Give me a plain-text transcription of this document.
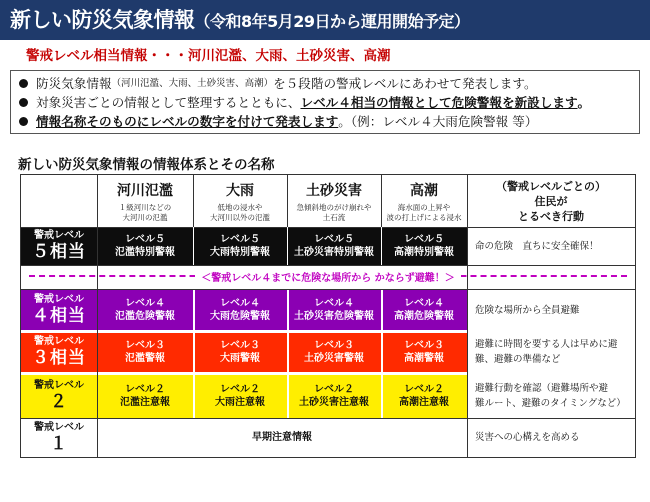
新しい防災気象情報（令和8年5月29日から運用開始予定）
警戒レベル相当情報・・・河川氾濫、大雨、土砂災害、高潮
防災気象情報 （河川氾濫、大雨、土砂災害、高潮） を５段階の警戒レベルにあわせて発表します。
対象災害ごとの情報として整理するとともに、 レベル４相当の情報として危険警報を新設します 。
情報名称そのものにレベルの数字を付けて発表します 。（例：レベル４大雨危険警報 等）
新しい防災気象情報の情報体系とその名称
河川氾濫
１級河川などの
大河川の氾濫
大雨
低地の浸水や
大河川以外の氾濫
土砂災害
急傾斜地のがけ崩れや
土石流
高潮
海水面の上昇や
波の打上げによる浸水
（警戒レベルごとの）
住民が
とるべき行動
警戒レベル
５相当
レベル５
氾濫特別警報
レベル５
大雨特別警報
レベル５
土砂災害特別警報
レベル５
高潮特別警報
命の危険　直ちに安全確保！
＜警戒レベル４までに危険な場所から かならず避難！＞
警戒レベル
４相当
レベル４
氾濫危険警報
レベル４
大雨危険警報
レベル４
土砂災害危険警報
レベル４
高潮危険警報
危険な場所から全員避難
警戒レベル
３相当
レベル３
氾濫警報
レベル３
大雨警報
レベル３
土砂災害警報
レベル３
高潮警報
避難に時間を要する人は早めに避
難、避難の準備など
警戒レベル
２
レベル２
氾濫注意報
レベル２
大雨注意報
レベル２
土砂災害注意報
レベル２
高潮注意報
避難行動を確認（避難場所や避
難ルート、避難のタイミングなど）
警戒レベル
１	早期注意情報	災害への心構えを高める
